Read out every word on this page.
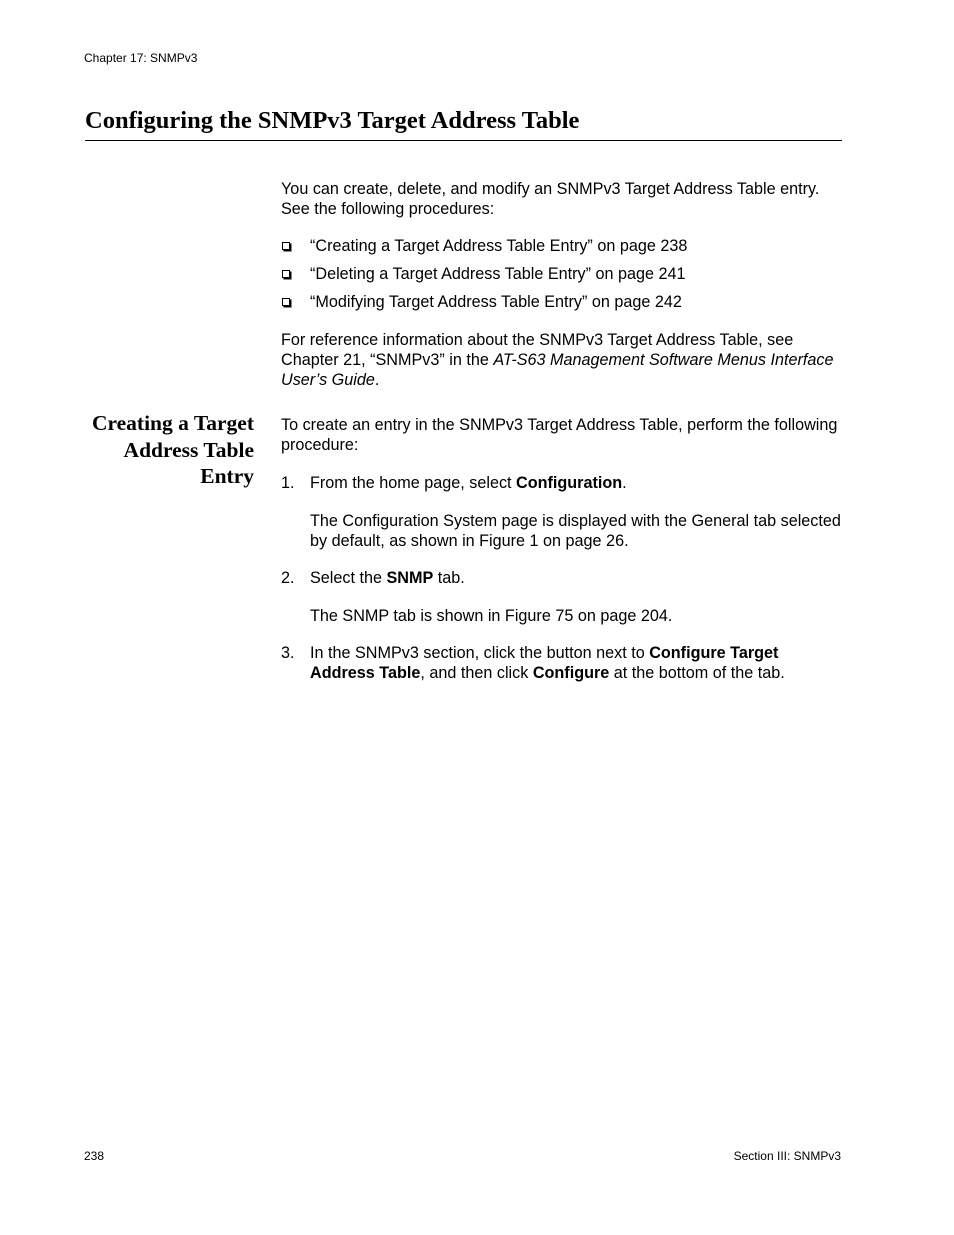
Chapter 17: SNMPv3
Configuring the SNMPv3 Target Address Table

You can create, delete, and modify an SNMPv3 Target Address Table entry. See the following procedures:

“Creating a Target Address Table Entry” on page 238
“Deleting a Target Address Table Entry” on page 241
“Modifying Target Address Table Entry” on page 242

For reference information about the SNMPv3 Target Address Table, see Chapter 21, “SNMPv3” in the AT-S63 Management Software Menus Interface User’s Guide.

Creating a Target
Address Table
Entry

To create an entry in the SNMPv3 Target Address Table, perform the following procedure:

1. From the home page, select Configuration.

The Configuration System page is displayed with the General tab selected by default, as shown in Figure 1 on page 26.

2. Select the SNMP tab.

The SNMP tab is shown in Figure 75 on page 204.

3. In the SNMPv3 section, click the button next to Configure Target Address Table, and then click Configure at the bottom of the tab.
238	Section III: SNMPv3
